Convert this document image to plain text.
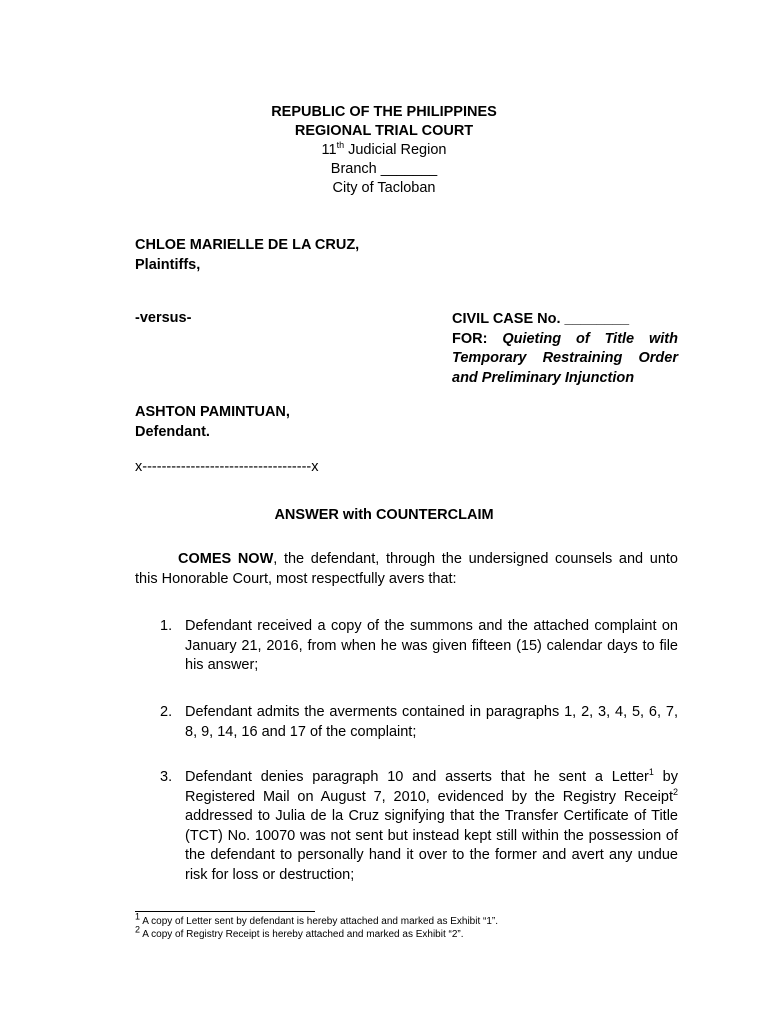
REPUBLIC OF THE PHILIPPINES
REGIONAL TRIAL COURT
11th Judicial Region
Branch _______
City of Tacloban
CHLOE MARIELLE DE LA CRUZ,
Plaintiffs,
-versus-	CIVIL CASE No. ________
FOR: Quieting of Title with Temporary Restraining Order and Preliminary Injunction
ASHTON PAMINTUAN,
Defendant.
x-----------------------------------x
ANSWER with COUNTERCLAIM
COMES NOW, the defendant, through the undersigned counsels and unto this Honorable Court, most respectfully avers that:
1. Defendant received a copy of the summons and the attached complaint on January 21, 2016, from when he was given fifteen (15) calendar days to file his answer;
2. Defendant admits the averments contained in paragraphs 1, 2, 3, 4, 5, 6, 7, 8, 9, 14, 16 and 17 of the complaint;
3. Defendant denies paragraph 10 and asserts that he sent a Letter$^1$ by Registered Mail on August 7, 2010, evidenced by the Registry Receipt$^2$ addressed to Julia de la Cruz signifying that the Transfer Certificate of Title (TCT) No. 10070 was not sent but instead kept still within the possession of the defendant to personally hand it over to the former and avert any undue risk for loss or destruction;
$^1$ A copy of Letter sent by defendant is hereby attached and marked as Exhibit “1”.
$^2$ A copy of Registry Receipt is hereby attached and marked as Exhibit “2”.
